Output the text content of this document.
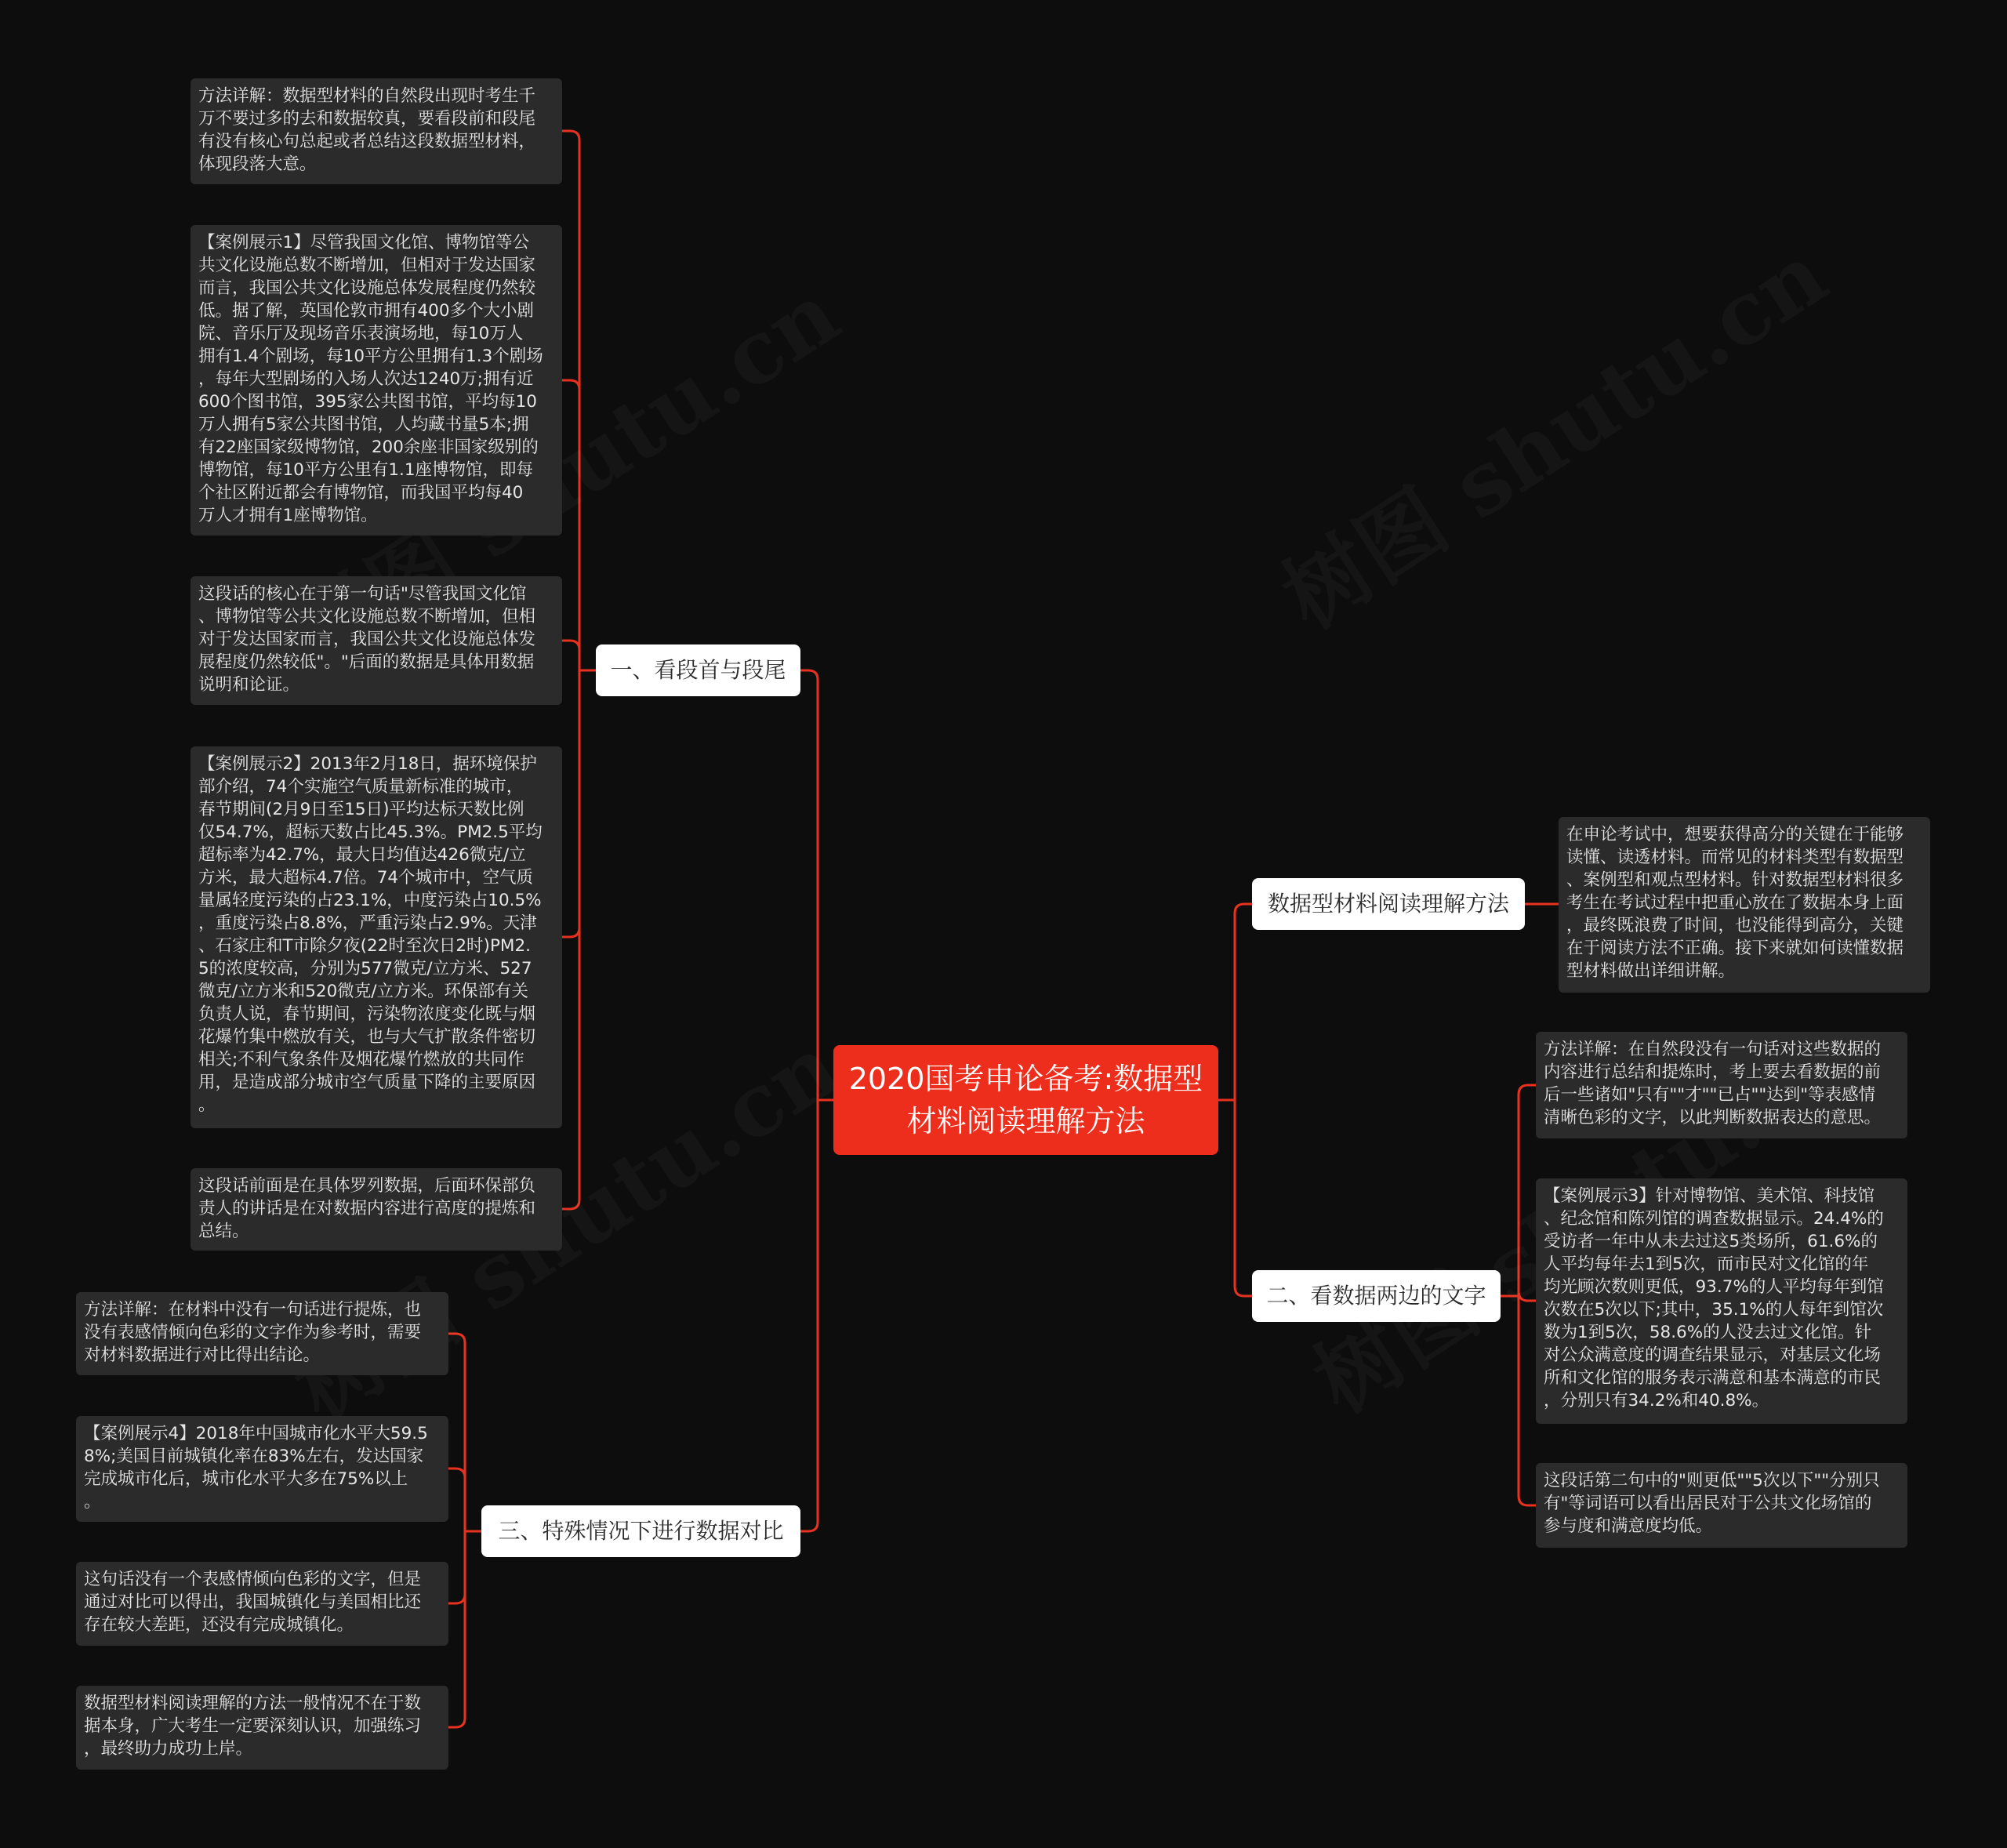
2020国考申论备考:数据型
材料阅读理解方法
一、看段首与段尾
三、特殊情况下进行数据对比
数据型材料阅读理解方法
二、看数据两边的文字
方法详解：数据型材料的自然段出现时考生千
万不要过多的去和数据较真，要看段前和段尾
有没有核心句总起或者总结这段数据型材料，
体现段落大意。
【案例展示1】尽管我国文化馆、博物馆等公
共文化设施总数不断增加，但相对于发达国家
而言，我国公共文化设施总体发展程度仍然较
低。据了解，英国伦敦市拥有400多个大小剧
院、音乐厅及现场音乐表演场地，每10万人
拥有1.4个剧场，每10平方公里拥有1.3个剧场
，每年大型剧场的入场人次达1240万;拥有近
600个图书馆，395家公共图书馆，平均每10
万人拥有5家公共图书馆，人均藏书量5本;拥
有22座国家级博物馆，200余座非国家级别的
博物馆，每10平方公里有1.1座博物馆，即每
个社区附近都会有博物馆，而我国平均每40
万人才拥有1座博物馆。
这段话的核心在于第一句话"尽管我国文化馆
、博物馆等公共文化设施总数不断增加，但相
对于发达国家而言，我国公共文化设施总体发
展程度仍然较低"。"后面的数据是具体用数据
说明和论证。
【案例展示2】2013年2月18日，据环境保护
部介绍，74个实施空气质量新标准的城市，
春节期间(2月9日至15日)平均达标天数比例
仅54.7%，超标天数占比45.3%。PM2.5平均
超标率为42.7%，最大日均值达426微克/立
方米，最大超标4.7倍。74个城市中，空气质
量属轻度污染的占23.1%，中度污染占10.5%
，重度污染占8.8%，严重污染占2.9%。天津
、石家庄和T市除夕夜(22时至次日2时)PM2.
5的浓度较高，分别为577微克/立方米、527
微克/立方米和520微克/立方米。环保部有关
负责人说，春节期间，污染物浓度变化既与烟
花爆竹集中燃放有关，也与大气扩散条件密切
相关;不利气象条件及烟花爆竹燃放的共同作
用，是造成部分城市空气质量下降的主要原因
。
这段话前面是在具体罗列数据，后面环保部负
责人的讲话是在对数据内容进行高度的提炼和
总结。
方法详解：在材料中没有一句话进行提炼，也
没有表感情倾向色彩的文字作为参考时，需要
对材料数据进行对比得出结论。
【案例展示4】2018年中国城市化水平大59.5
8%;美国目前城镇化率在83%左右，发达国家
完成城市化后，城市化水平大多在75%以上
。
这句话没有一个表感情倾向色彩的文字，但是
通过对比可以得出，我国城镇化与美国相比还
存在较大差距，还没有完成城镇化。
数据型材料阅读理解的方法一般情况不在于数
据本身，广大考生一定要深刻认识，加强练习
，最终助力成功上岸。
在申论考试中，想要获得高分的关键在于能够
读懂、读透材料。而常见的材料类型有数据型
、案例型和观点型材料。针对数据型材料很多
考生在考试过程中把重心放在了数据本身上面
，最终既浪费了时间，也没能得到高分，关键
在于阅读方法不正确。接下来就如何读懂数据
型材料做出详细讲解。
方法详解：在自然段没有一句话对这些数据的
内容进行总结和提炼时，考上要去看数据的前
后一些诸如"只有""才""已占""达到"等表感情
清晰色彩的文字，以此判断数据表达的意思。
【案例展示3】针对博物馆、美术馆、科技馆
、纪念馆和陈列馆的调查数据显示。24.4%的
受访者一年中从未去过这5类场所，61.6%的
人平均每年去1到5次，而市民对文化馆的年
均光顾次数则更低，93.7%的人平均每年到馆
次数在5次以下;其中，35.1%的人每年到馆次
数为1到5次，58.6%的人没去过文化馆。针
对公众满意度的调查结果显示，对基层文化场
所和文化馆的服务表示满意和基本满意的市民
，分别只有34.2%和40.8%。
这段话第二句中的"则更低""5次以下""分别只
有"等词语可以看出居民对于公共文化场馆的
参与度和满意度均低。
